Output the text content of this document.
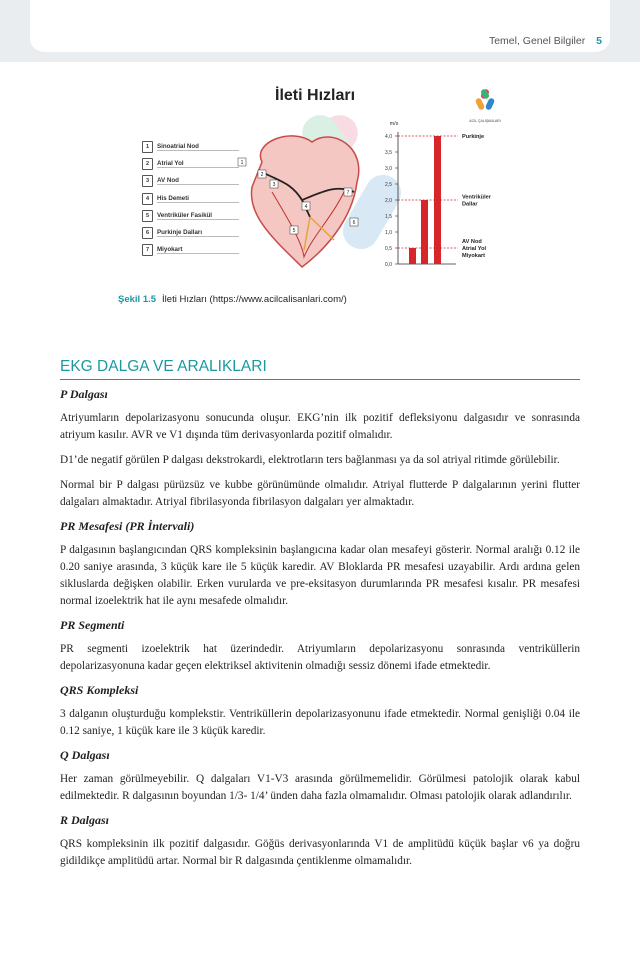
Temel, Genel Bilgiler 5
İleti Hızları
ACİL ÇALIŞANLARI
1	Sinoatrial Nod
2	Atrial Yol
3	AV Nod
4	His Demeti
5	Ventriküler Fasikül
6	Purkinje Dalları
7	Miyokart
1
2
3
4
5
6
7
m/s
4,0
3,5
3,0
2,5
2,0
1,5
1,0
0,5
0,0
Purkinje
Ventriküler
Dallar
AV Nod
Atrial Yol
Miyokart
Şekil 1.5 İleti Hızları (https://www.acilcalisanlari.com/)
EKG DALGA VE ARALIKLARI
P Dalgası

Atriyumların depolarizasyonu sonucunda oluşur. EKG’nin ilk pozitif defleksiyonu dalgasıdır ve sonrasında atriyum kasılır. AVR ve V1 dışında tüm derivasyonlarda pozitif olmalıdır.

D1’de negatif görülen P dalgası dekstrokardi, elektrotların ters bağlanması ya da sol atriyal ritimde görülebilir.

Normal bir P dalgası pürüzsüz ve kubbe görünümünde olmalıdır. Atriyal flutterde P dalgalarının yerini flutter dalgaları almaktadır. Atriyal fibrilasyonda fibrilasyon dalgaları yer almaktadır.

PR Mesafesi (PR İntervali)

P dalgasının başlangıcından QRS kompleksinin başlangıcına kadar olan mesafeyi gösterir. Normal aralığı 0.12 ile 0.20 saniye arasında, 3 küçük kare ile 5 küçük karedir. AV Bloklarda PR mesafesi uzayabilir. Ardı ardına gelen sikluslarda değişken olabilir. Erken vurularda ve pre-eksitasyon durumlarında PR mesafesi kısalır. PR mesafesi normal izoelektrik hat ile aynı mesafede olmalıdır.

PR Segmenti

PR segmenti izoelektrik hat üzerindedir. Atriyumların depolarizasyonu sonrasında ventriküllerin depolarizasyonuna kadar geçen elektriksel aktivitenin olmadığı sessiz dönemi ifade etmektedir.

QRS Kompleksi

3 dalganın oluşturduğu komplekstir. Ventriküllerin depolarizasyonunu ifade etmektedir. Normal genişliği 0.04 ile 0.12 saniye, 1 küçük kare ile 3 küçük karedir.

Q Dalgası

Her zaman görülmeyebilir. Q dalgaları V1-V3 arasında görülmemelidir. Görülmesi patolojik olarak kabul edilmektedir. R dalgasının boyundan 1/3- 1/4’ ünden daha fazla olmamalıdır. Olması patolojik olarak adlandırılır.

R Dalgası

QRS kompleksinin ilk pozitif dalgasıdır. Göğüs derivasyonlarında V1 de amplitüdü küçük başlar v6 ya doğru gidildikçe amplitüdü artar. Normal bir R dalgasında çentiklenme olmamalıdır.
